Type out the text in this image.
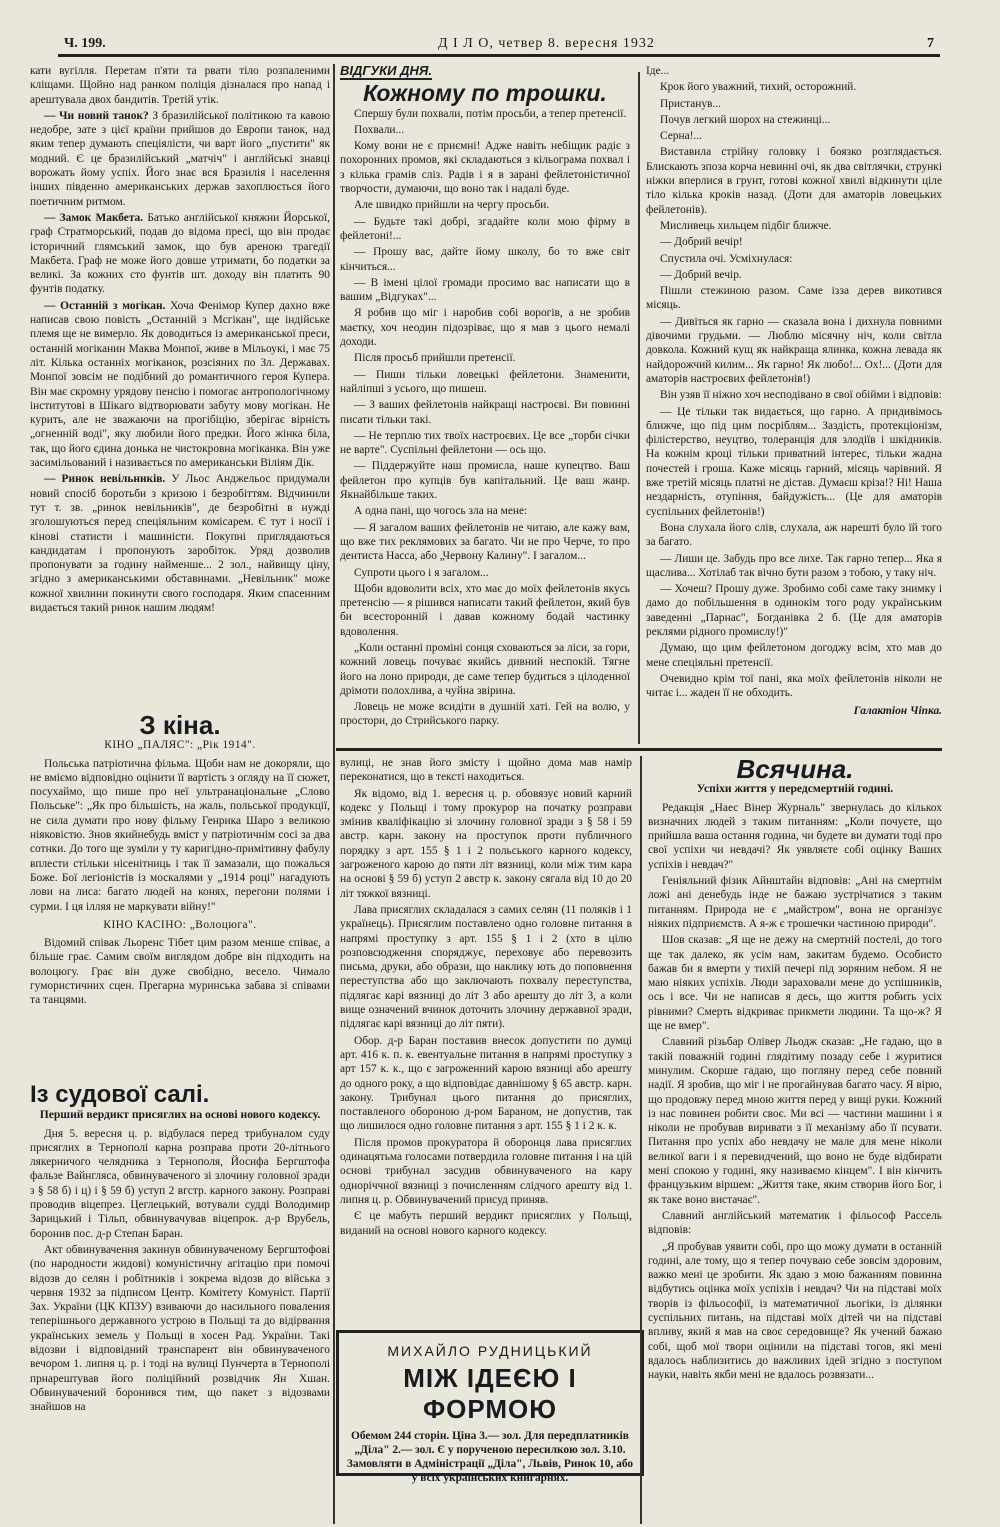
Ч. 199.	Д І Л О, четвер 8. вересня 1932	7

кати вугілля. Перетам п'яти та рвати тіло розпаленими кліщами. Щойно над ранком поліція дізналася про напад і арештувала двох бандитів. Третій утік.

— Чи новий танок? З бразилійської політикою та кавою недобре, зате з цієї країни прийшов до Европи танок, над яким тепер думають спеціялісти, чи варт його „пустити" як модний. Є це бразилійський „матчіч" і англійські знавці ворожать йому успіх. Його знає вся Бразилія і населення інших південно американських держав захоплюється його поетичним ритмом.

— Замок Макбета. Батько англійської княжни Йорської, граф Стратморський, подав до відома пресі, що він продає історичний глямський замок, що був ареною трагедії Макбета. Граф не може його довше утримати, бо податки за великі. За кожних сто фунтів шт. доходу він платить 90 фунтів податку.

— Останній з могікан. Хоча Фенімор Купер дахно вже написав свою повість „Останній з Мсгікан", ще індійське племя ще не вимерло. Як доводиться із американської преси, останній могіканин Маква Монпої, живе в Мільоукі, і має 75 літ. Кілька останніх могіканок, розсіяних по Зл. Державах. Монпої зовсім не подібний до романтичного героя Купера. Він має скромну урядову пенсію і помогає антропологічному інститутові в Шікаго відтворювати забуту мову могікан. Не курить, але не зважаючи на прогібіцію, зберігає вірність „огненній воді", яку любили його предки. Його жінка біла, так, що його єдина донька не чистокровна могіканка. Він уже засимільований і називається по американськи Віліям Дік.

— Ринок невільників. У Льос Анджельос придумали новий спосіб боротьби з кризою і безробіттям. Відчинили тут т. зв. „ринок невільників", де безробітні в нужді зголошуються перед спеціяльним комісарем. Є тут і носії і кінові статисти і машиністи. Покупні приглядаються кандидатам і пропонують заробіток. Уряд дозволив пропонувати за годину найменше... 2 зол., найвищу ціну, згідно з американськими обставинами. „Невільник" може кожної хвилини покинути свого господаря. Яким спасенним видається такий ринок нашим людям!

З кіна.
КІНО „ПАЛЯС": „Рік 1914".

Польська патріотична фільма. Щоби нам не докоряли, що не вміємо відповідно оцінити її вартість з огляду на її сюжет, посухаймо, що пише про неї ультранаціональне „Слово Польське": „Як про більшість, на жаль, польської продукції, не сила думати про нову фільму Генрика Шаро з великою ніяковістю. Знов якийнебудь вміст у патріотичнім сосі за два сотнки. До того ще зуміли у ту каригідно-примітивну фабулу вплести стільки нісенітниць і так її замазали, що пожалься Боже. Бої легіоністів із москалями у „1914 році" нагадують лови на лиса: багато людей на конях, перегони полями і сурми. І ця ілляя не маркувати війну!"

КІНО КАСІНО: „Волоцюга".

Відомий співак Льоренс Тібет цим разом менше співає, а більше грає. Самим своїм виглядом добре він підходить на волоцюгу. Грає він дуже свобідно, весело. Чимало гумористичних сцен. Прегарна муринська забава зі співами та танцями.

Із судової салі.
Перший вердикт присяглих на основі нового кодексу.

Дня 5. вересня ц. р. відбулася перед трибуналом суду присяглих в Тернополі карна розправа проти 20-літнього лякерничого челядника з Тернополя, Йосифа Бергштофа фальзе Вайнгляса, обвинуваченого зі злочину головної зради з § 58 б) і ц) і § 59 б) уступ 2 вгстр. карного закону. Розправі проводив віцепрез. Цеглецький, вотували судді Володимир Зарицький і Тільп, обвинувачував віцепрок. д-р Врубель, боронив пос. д-р Степан Баран.

Акт обвинувачення закинув обвинуваченому Бергштофові (по народности жидові) комуністичну агітацію при помочі відозв до селян і робітників і зокрема відозв до війська з червня 1932 за підписом Центр. Комітету Комуніст. Партії Зах. України (ЦК КПЗУ) взиваючи до насильного поваления теперішнього державного устрою в Польщі та до відірвання українських земель у Польщі в хосен Рад. України. Такі відозви і відповідний транспарент він обвинуваченого вечором 1. липня ц. р. і тоді на вулиці Пунчерта в Тернополі прнарештував його поліційний розвідчик Ян Хшан. Обвинувачений боронився тим, що пакет з відозвами знайшов на

ВІДГУКИ ДНЯ.
Кожному по трошки.

Спершу були похвали, потім просьби, а тепер претенсії.

Похвали...

Кому вони не є приємні! Адже навіть небіщик радіє з похоронних промов, які складаються з кільограма похвал і з кілька грамів сліз. Радів і я в зарані фейлетоністичної творчости, думаючи, що воно так і надалі буде.

Але швидко прийшли на чергу просьби.

— Будьте такі добрі, згадайте коли мою фірму в фейлетоні!...

— Прошу вас, дайте йому школу, бо то вже світ кінчиться...

— В імені цілої громади просимо вас написати що в вашим „Відгуках"...

Я робив що міг і наробив собі ворогів, а не зробив маєтку, хоч неодин підозріває, що я мав з цього немалі доходи.

Після просьб прийшли претенсії.

— Пиши тільки ловецькі фейлетони. Знаменити, найліпші з усього, що пишеш.

— З ваших фейлетонів найкращі настроєві. Ви повинні писати тільки такі.

— Не терплю тих твоїх настроєвих. Це все „торби січки не варте". Суспільні фейлетони — ось що.

— Піддержуйте наш промисла, наше купецтво. Ваш фейлетон про купців був капітальний. Це ваш жанр. Якнайбільше таких.

А одна пані, що чогось зла на мене:

— Я загалом ваших фейлетонів не читаю, але кажу вам, що вже тих реклямових за багато. Чи не про Черче, то про дентиста Насса, або „Червону Калину". І загалом...

Супроти цього і я загалом...

Щоби вдоволити всіх, хто має до моїх фейлетонів якусь претенсію — я рішився написати такий фейлетон, який був би всесторонній і давав кожному бодай частинку вдоволення.

„Коли останні проміні сонця сховаються за ліси, за гори, кожний ловець почуває якийсь дивний неспокій. Тягне його на лоно природи, де саме тепер будиться з цілоденної дрімоти полохлива, а чуйна звірина.

Ловець не може всидіти в душній хаті. Гей на волю, у простори, до Стрийського парку.

Іде...

Крок його уважний, тихий, осторожний.

Пристанув...

Почув легкий шорох на стежинці...

Серна!...

Виставила стрійну головку і боязко розглядається. Блискають зпоза корча невинні очі, як два світлячки, стрункі ніжки вперлися в грунт, готові кожної хвилі відкинути ціле тіло кілька кроків назад. (Доти для аматорів ловецьких фейлетонів).

Мисливець хильцем підбіг ближче.

— Добрий вечір!

Спустила очі. Усміхнулася:

— Добрий вечір.

Пішли стежиною разом. Саме ізза дерев викотився місяць.

— Дивіться як гарно — сказала вона і дихнула повними дівочими грудьми. — Люблю місячну ніч, коли світла довкола. Кожний кущ як найкраща ялинка, кожна левада як найдорожчий килим... Як гарно! Як любо!... Ох!... (Доти для аматорів настроєвих фейлетонів!)

Він узяв її ніжно хоч несподівано в свої обійми і відповів:

— Це тільки так видається, що гарно. А придивімось ближче, що під цим посріблям... Заздість, протекціонізм, філістерство, неуцтво, толеранція для злодіїв і шкідників. На кожнім кроці тільки приватний інтерес, тільки жадна почестей і гроша. Каже місяць гарний, місяць чарівний. Я вже третій місяць платні не дістав. Думаєш кріза!? Ні! Наша нездарність, отупіння, байдужість... (Це для аматорів суспільних фейлетонів!)

Вона слухала його слів, слухала, аж нарешті було їй того за багато.

— Лиши це. Забудь про все лихе. Так гарно тепер... Яка я щаслива... Хотілаб так вічно бути разом з тобою, у таку ніч.

— Хочеш? Прошу дуже. Зробимо собі саме таку знимку і дамо до побільшення в одинокім того роду українським заведенні „Парнас", Богданівка 2 б. (Це для аматорів реклями рідного промислу!)"

Думаю, що цим фейлетоном догоджу всім, хто мав до мене спеціяльні претенсії.

Очевидно крім тої пані, яка моїх фейлетонів ніколи не читає і... жаден її не обходить.

Галактіон Чіпка.

вулиці, не знав його змісту і щойно дома мав намір переконатися, що в тексті находиться.

Як відомо, від 1. вересня ц. р. обовязує новий карний кодекс у Польщі і тому прокурор на початку розправи змінив кваліфікацію зі злочину головної зради з § 58 і 59 австр. карн. закону на проступок проти публичного порядку з арт. 155 § 1 і 2 польського карного кодексу, загроженого карою до пяти літ вязниці, коли між тим кара на основі § 59 б) уступ 2 австр к. закону сягала від 10 до 20 літ тяжкої вязниці.

Лава присяглих складалася з самих селян (11 поляків і 1 українець). Присяглим поставлено одно головне питання в напрямі проступку з арт. 155 § 1 і 2 (хто в цілю розповсюдження споряджує, переховує або перевозить письма, друки, або образи, що наклику ють до поповнення переступства або що заключають похвалу переступства, підлягає карі вязниці до літ 3 або арешту до літ 3, а коли вище означений вчинок доточить злочину державної зради, підлягає карі вязниці до літ пяти).

Обор. д-р Баран поставив внесок допустити по думці арт. 416 к. п. к. евентуальне питання в напрямі проступку з арт 157 к. к., що є загроженний карою вязниці або арешту до одного року, а що відповідає давнішому § 65 австр. карн. закону. Трибунал цього питання до присяглих, поставленого обороною д-ром Бараном, не допустив, так що лишилося одно головне питання з арт. 155 § 1 і 2 к. к.

Після промов прокуратора й оборонця лава присяглих одинацятьма голосами потвердила головне питання і на цій основі трибунал засудив обвинуваченого на кару одноріччної вязниці з почисленням слідчого арешту від 1. липня ц. р. Обвинувачений присуд приняв.

Є це мабуть перший вердикт присяглих у Польщі, виданий на основі нового карного кодексу.

МИХАЙЛО РУДНИЦЬКИЙ
МІЖ ІДЕЄЮ І ФОРМОЮ
Обемом 244 сторін. Ціна 3.— зол. Для передплатників „Діла" 2.— зол. Є у порученою пересилкою зол. 3.10. Замовляти в Адміністрації „Діла", Львів, Ринок 10, або у всіх українських книгарнях.
Всячина.
Успіхи життя у передсмертній годині.

Редакція „Наес Вінер Журналь" звернулась до кількох визначних людей з таким питанням: „Коли почуєте, що прийшла ваша остання година, чи будете ви думати тоді про свої успіхи чи невдачі? Як уявляєте собі оцінку Ваших успіхів і невдач?"

Геніяльний фізик Айнштайн відповів: „Ані на смертнім ложі ані денебудь інде не бажаю зустрічатися з таким питанням. Природа не є „майстром", вона не організує ніяких підприємств. А я-ж є трошечки частиною природи".

Шов сказав: „Я ще не дежу на смертній постелі, до того ще так далеко, як усім нам, закитам будемо. Особисто бажав би я вмерти у тихій печері під зоряним небом. Я не маю ніяких успіхів. Люди зараховали мене до успішників, ось і все. Чи не написав я десь, що життя робить усіх рівними? Смерть відкриває прикмети людини. Та що-ж? Я ще не вмер".

Славний різьбар Олівер Льодж сказав: „Не гадаю, що в такій поважній годині глядітиму позаду себе і журитися минулим. Скорше гадаю, що погляну перед себе повний надії. Я зробив, що міг і не прогайнував багато часу. Я вірю, що продовжу перед мною життя перед у вищі руки. Кожний із нас повинен робити своє. Ми всі — частини машини і я ніколи не пробував виривати з її механізму або її псувати. Питання про успіх або невдачу не мале для мене ніколи великої ваги і я перевидчений, що воно не буде відбирати мені спокою у годині, яку називаємо кінцем". І він кінчить французьким віршем: „Життя таке, яким створив його Бог, і як таке воно вистачає".

Славний англійський математик і фільософ Рассель відповів:

„Я пробував уявити собі, про що можу думати в останній годині, але тому, що я тепер почуваю себе зовсім здоровим, важко мені це зробити. Як здаю з мою бажанням повинна відбутись оцінка моїх успіхів і невдач? Чи на підставі моїх творів із фільософії, із математичної льогіки, із ділянки суспільних питань, на підставі моїх дітей чи на підставі впливу, який я мав на своє середовище? Як учений бажаю собі, щоб мої твори оцінили на підставі тогов, які мені вдалось наблизитись до важливих ідей згідно з поступом науки, навіть якби мені не вдалось розвязати...
